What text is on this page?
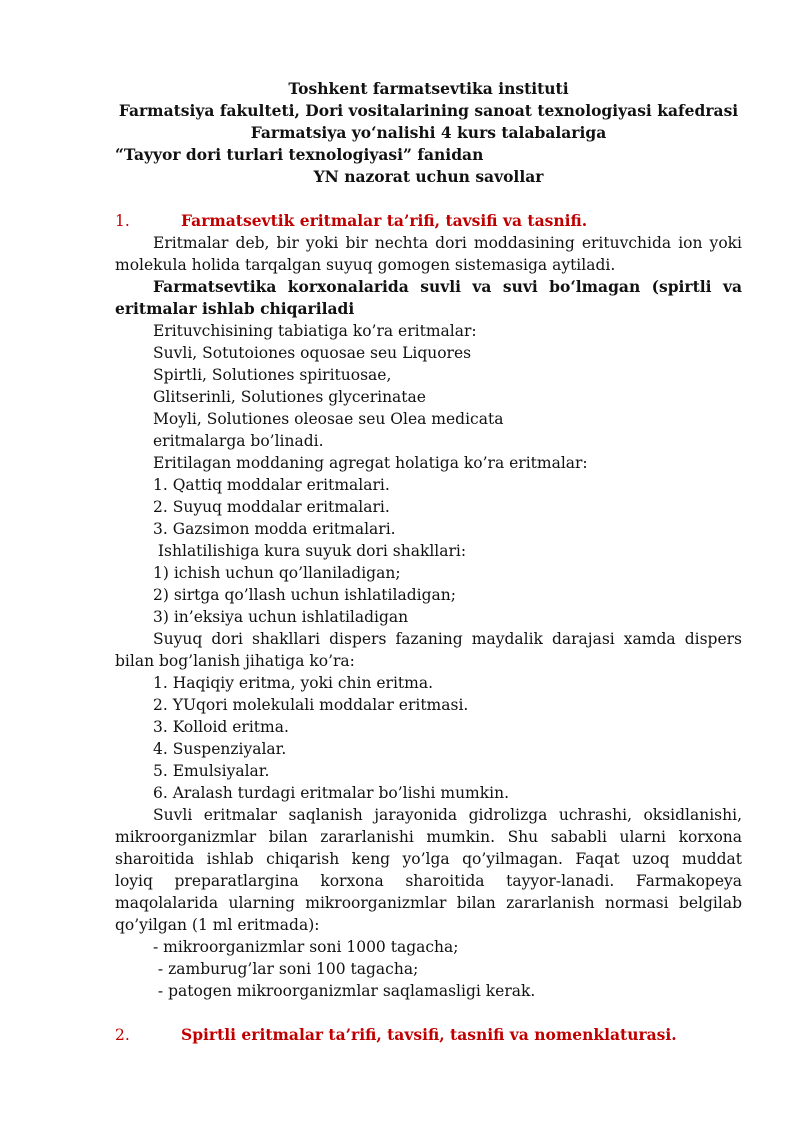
Toshkent farmatsevtika instituti
Farmatsiya fakulteti, Dori vositalarining sanoat texnologiyasi kafedrasi
Farmatsiya yo‘nalishi 4 kurs talabalariga
“Tayyor dori turlari texnologiyasi” fanidan
YN nazorat uchun savollar
1.	Farmatsevtik eritmalar ta’rifi, tavsifi va tasnifi.
Eritmalar deb, bir yoki bir nechta dori moddasining erituvchida ion yoki
molekula holida tarqalgan suyuq gomogen sistemasiga aytiladi.
Farmatsevtika korxonalarida suvli va suvi bo‘lmagan (spirtli va
eritmalar ishlab chiqariladi
Erituvchisining tabiatiga ko’ra eritmalar:
Suvli, Sotutoiones oquosae seu Liquores
Spirtli, Solutiones spirituosae,
Glitserinli, Solutiones glycerinatae
Moyli, Solutiones oleosae seu Olea medicata
eritmalarga bo’linadi.
Eritilagan moddaning agregat holatiga ko’ra eritmalar:
1. Qattiq moddalar eritmalari.
2. Suyuq moddalar eritmalari.
3. Gazsimon modda eritmalari.
Ishlatilishiga kura suyuk dori shakllari:
1) ichish uchun qo’llaniladigan;
2) sirtga qo’llash uchun ishlatiladigan;
3) in’eksiya uchun ishlatiladigan
Suyuq dori shakllari dispers fazaning maydalik darajasi xamda dispers
bilan bog’lanish jihatiga ko’ra:
1. Haqiqiy eritma, yoki chin eritma.
2. YUqori molekulali moddalar eritmasi.
3. Kolloid eritma.
4. Suspenziyalar.
5. Emulsiyalar.
6. Aralash turdagi eritmalar bo’lishi mumkin.
Suvli eritmalar saqlanish jarayonida gidrolizga uchrashi, oksidlanishi,
mikroorganizmlar bilan zararlanishi mumkin. Shu sababli ularni korxona
sharoitida ishlab chiqarish keng yo’lga qo’yilmagan. Faqat uzoq muddat
loyiq preparatlargina korxona sharoitida tayyor-lanadi. Farmakopeya
maqolalarida ularning mikroorganizmlar bilan zararlanish normasi belgilab
qo’yilgan (1 ml eritmada):
- mikroorganizmlar soni 1000 tagacha;
- zamburug’lar soni 100 tagacha;
- patogen mikroorganizmlar saqlamasligi kerak.
2.	Spirtli eritmalar ta’rifi, tavsifi, tasnifi va nomenklaturasi.
